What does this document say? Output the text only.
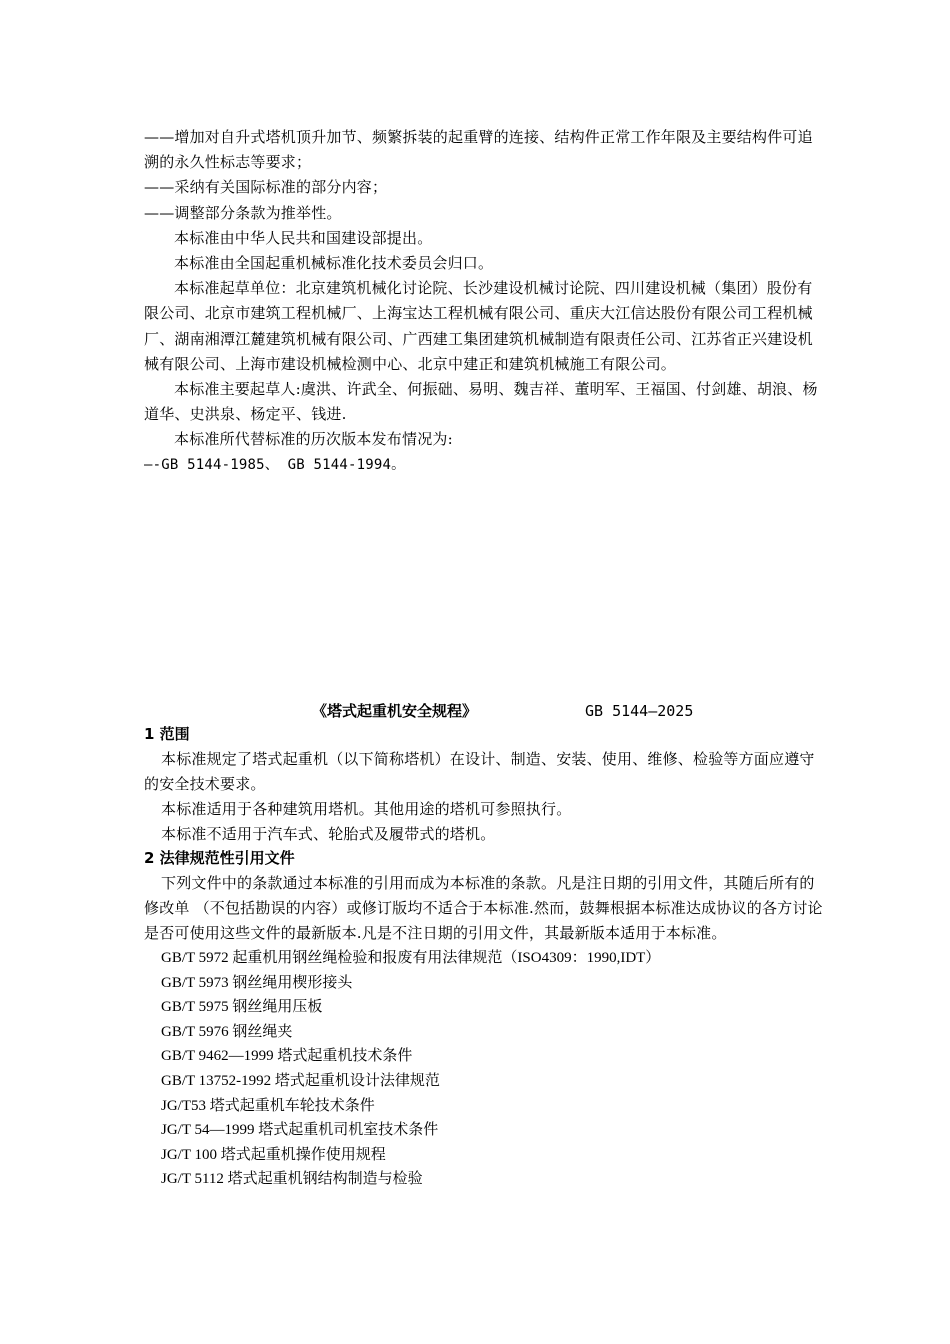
——增加对自升式塔机顶升加节、频繁拆装的起重臂的连接、结构件正常工作年限及主要结构件可追溯的永久性标志等要求；

——采纳有关国际标准的部分内容；

——调整部分条款为推举性。

本标准由中华人民共和国建设部提出。

本标准由全国起重机械标准化技术委员会归口。

本标准起草单位：北京建筑机械化讨论院、长沙建设机械讨论院、四川建设机械（集团）股份有限公司、北京市建筑工程机械厂、上海宝达工程机械有限公司、重庆大江信达股份有限公司工程机械厂、湖南湘潭江麓建筑机械有限公司、广西建工集团建筑机械制造有限责任公司、江苏省正兴建设机械有限公司、上海市建设机械检测中心、北京中建正和建筑机械施工有限公司。

本标准主要起草人:虞洪、许武全、何振础、易明、魏吉祥、董明军、王福国、付剑雄、胡浪、杨道华、史洪泉、杨定平、钱进.

本标准所代替标准的历次版本发布情况为:

—-GB 5144-1985、 GB 5144-1994。

《塔式起重机安全规程》	GB 5144—2025

1 范围

本标准规定了塔式起重机（以下简称塔机）在设计、制造、安装、使用、维修、检验等方面应遵守的安全技术要求。

本标准适用于各种建筑用塔机。其他用途的塔机可参照执行。

本标准不适用于汽车式、轮胎式及履带式的塔机。

2 法律规范性引用文件

下列文件中的条款通过本标准的引用而成为本标准的条款。凡是注日期的引用文件，其随后所有的修改单 （不包括勘误的内容）或修订版均不适合于本标准.然而，鼓舞根据本标准达成协议的各方讨论是否可使用这些文件的最新版本.凡是不注日期的引用文件，其最新版本适用于本标准。

GB/T 5972 起重机用钢丝绳检验和报废有用法律规范（ISO4309：1990,IDT）

GB/T 5973 钢丝绳用楔形接头

GB/T 5975 钢丝绳用压板

GB/T 5976 钢丝绳夹

GB/T 9462—1999 塔式起重机技术条件

GB/T 13752-1992 塔式起重机设计法律规范

JG/T53 塔式起重机车轮技术条件

JG/T 54—1999 塔式起重机司机室技术条件

JG/T 100 塔式起重机操作使用规程

JG/T 5112 塔式起重机钢结构制造与检验
